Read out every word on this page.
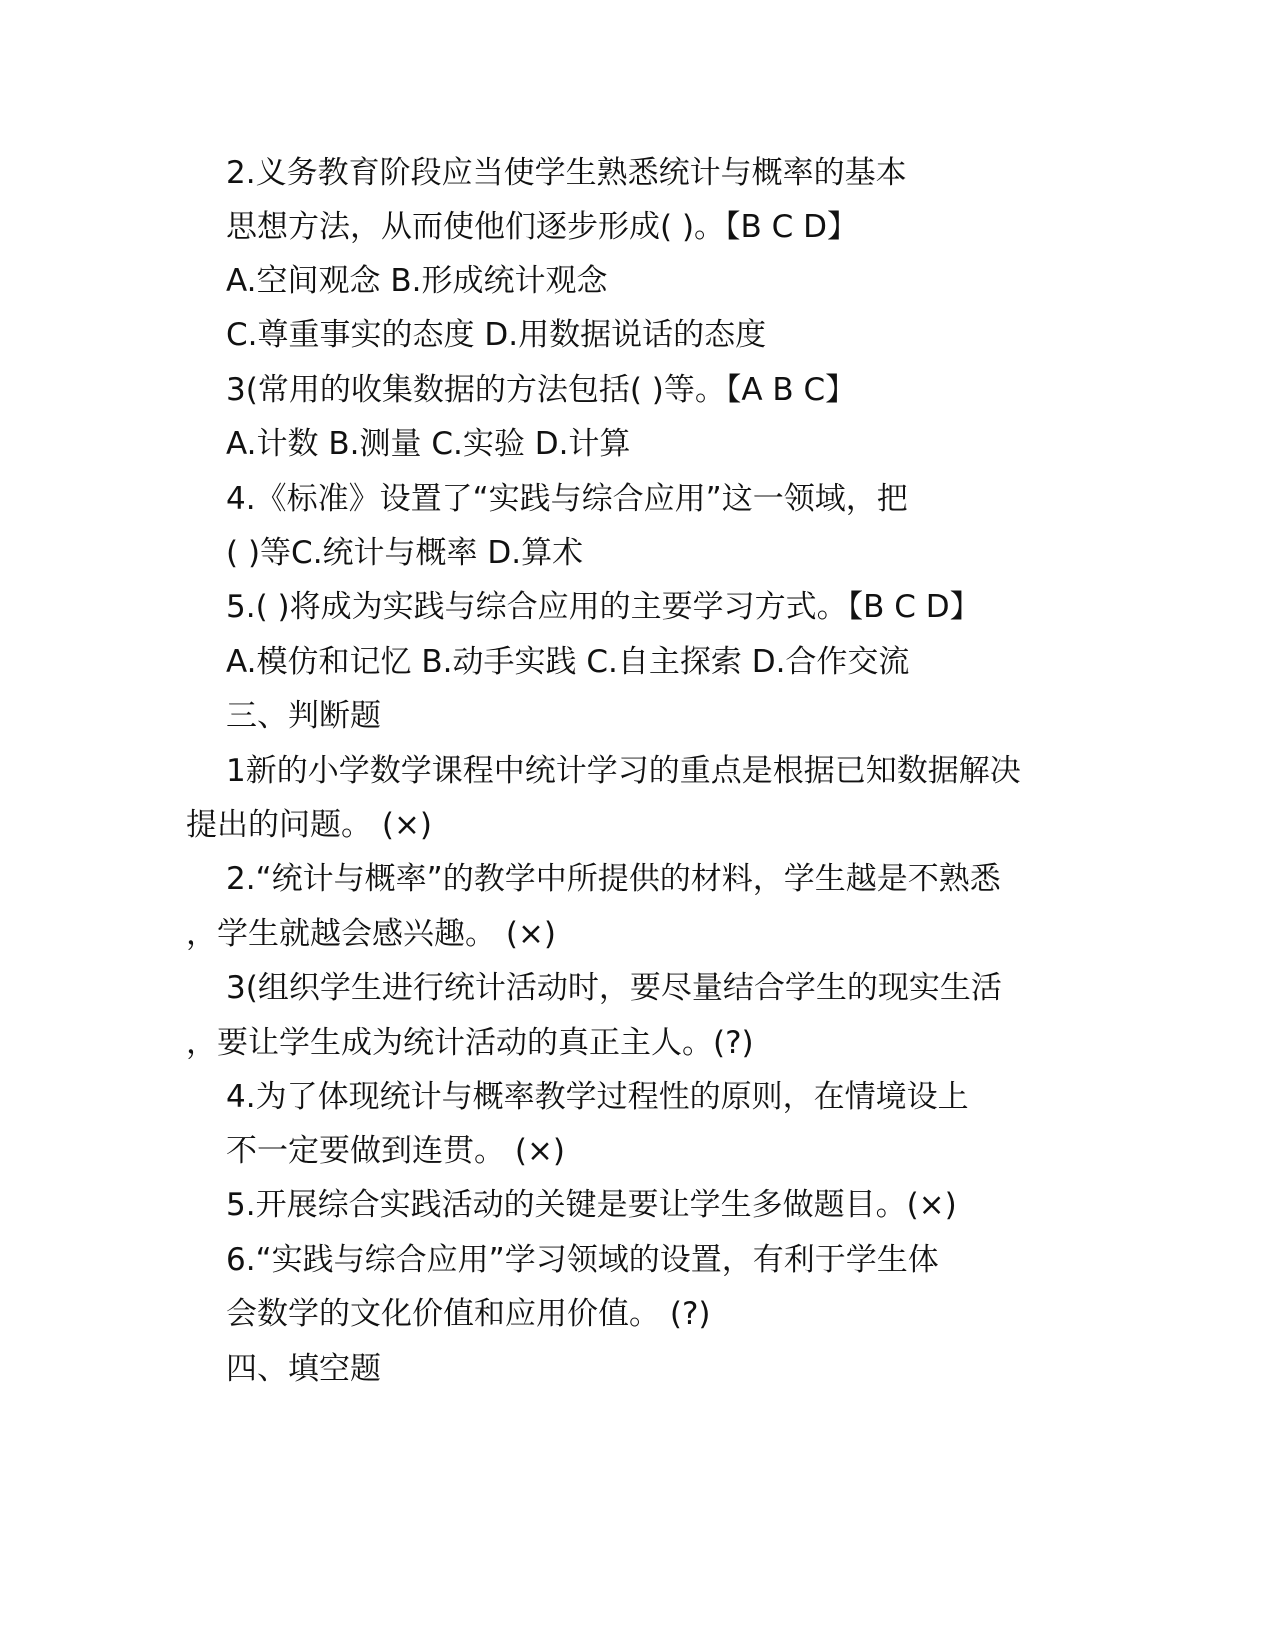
2.义务教育阶段应当使学生熟悉统计与概率的基本
思想方法，从而使他们逐步形成( )。【B C D】
A.空间观念 B.形成统计观念
C.尊重事实的态度 D.用数据说话的态度
3(常用的收集数据的方法包括( )等。【A B C】
A.计数 B.测量 C.实验 D.计算
4.《标准》设置了“实践与综合应用”这一领域，把
( )等C.统计与概率 D.算术
5.( )将成为实践与综合应用的主要学习方式。【B C D】
A.模仿和记忆 B.动手实践 C.自主探索 D.合作交流
三、判断题
1新的小学数学课程中统计学习的重点是根据已知数据解决
提出的问题。 (×)
2.“统计与概率”的教学中所提供的材料，学生越是不熟悉
，学生就越会感兴趣。 (×)
3(组织学生进行统计活动时，要尽量结合学生的现实生活
，要让学生成为统计活动的真正主人。(?)
4.为了体现统计与概率教学过程性的原则，在情境设上
不一定要做到连贯。 (×)
5.开展综合实践活动的关键是要让学生多做题目。(×)
6.“实践与综合应用”学习领域的设置，有利于学生体
会数学的文化价值和应用价值。 (?)
四、填空题
